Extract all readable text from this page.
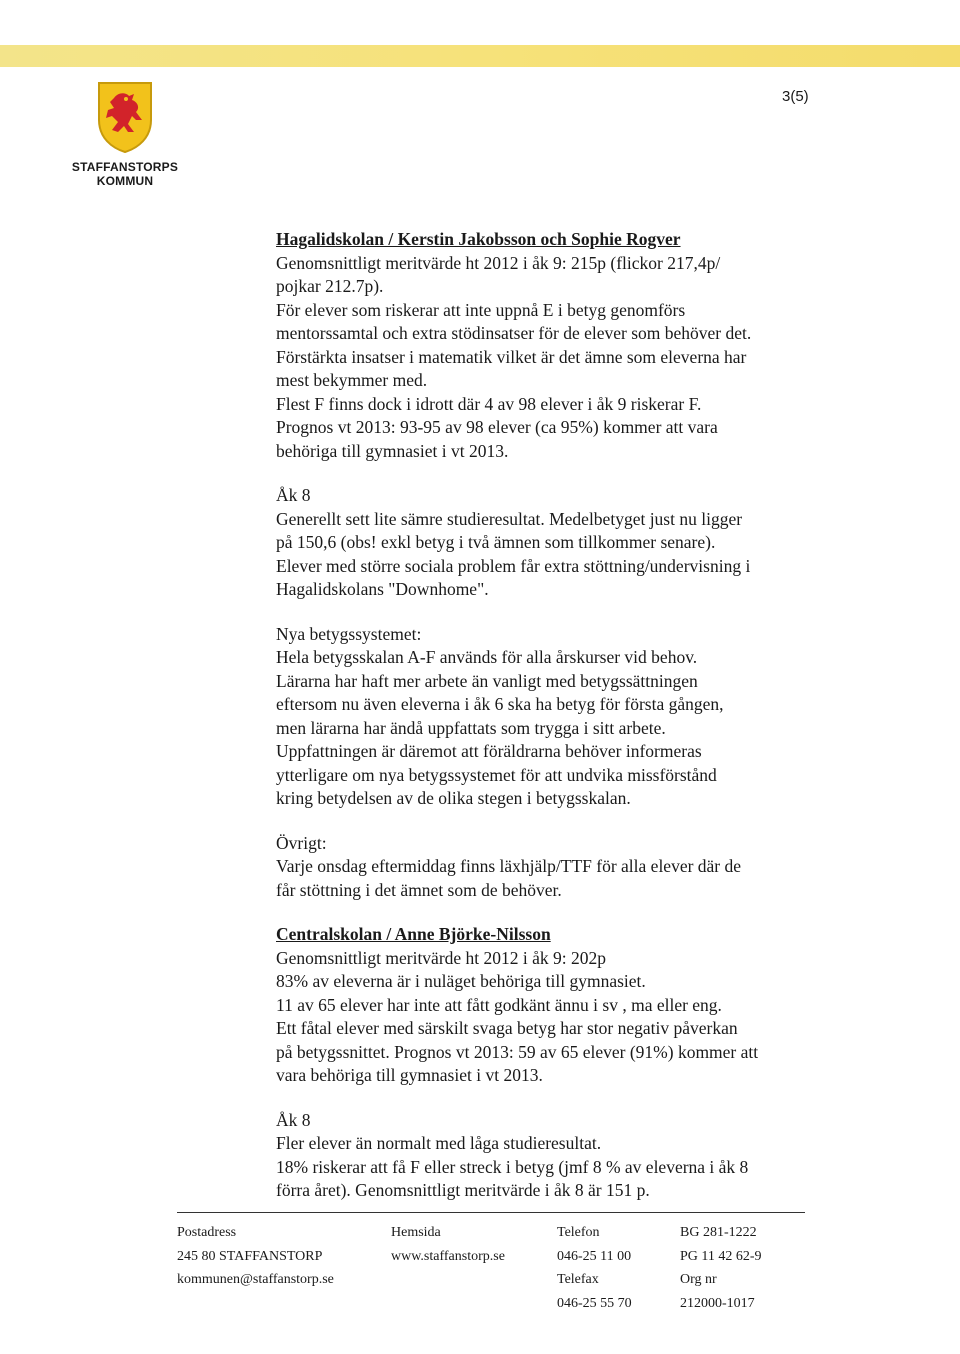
STAFFANSTORPS
KOMMUN
3(5)
Hagalidskolan / Kerstin Jakobsson och Sophie Rogver
Genomsnittligt meritvärde ht 2012 i åk 9: 215p (flickor 217,4p/
pojkar 212.7p).
För elever som riskerar att inte uppnå E i betyg genomförs
mentorssamtal och extra stödinsatser för de elever som behöver det.
Förstärkta insatser i matematik vilket är det ämne som eleverna har
mest bekymmer med.
Flest F finns dock i idrott där 4 av 98 elever i åk 9 riskerar F.
Prognos vt 2013: 93-95 av 98 elever (ca 95%) kommer att vara
behöriga till gymnasiet i vt 2013.
Åk 8
Generellt sett lite sämre studieresultat. Medelbetyget just nu ligger
på 150,6 (obs! exkl betyg i två ämnen som tillkommer senare).
Elever med större sociala problem får extra stöttning/undervisning i
Hagalidskolans "Downhome".
Nya betygssystemet:
Hela betygsskalan A-F används för alla årskurser vid behov.
Lärarna har haft mer arbete än vanligt med betygssättningen
eftersom nu även eleverna i åk 6 ska ha betyg för första gången,
men lärarna har ändå uppfattats som trygga i sitt arbete.
Uppfattningen är däremot att föräldrarna behöver informeras
ytterligare om nya betygssystemet för att undvika missförstånd
kring betydelsen av de olika stegen i betygsskalan.
Övrigt:
Varje onsdag eftermiddag finns läxhjälp/TTF för alla elever där de
får stöttning i det ämnet som de behöver.
Centralskolan / Anne Björke-Nilsson
Genomsnittligt meritvärde ht 2012 i åk 9: 202p
83% av eleverna är i nuläget behöriga till gymnasiet.
11 av 65 elever har inte att fått godkänt ännu i sv , ma eller eng.
Ett fåtal elever med särskilt svaga betyg har stor negativ påverkan
på betygssnittet. Prognos vt 2013: 59 av 65 elever (91%) kommer att
vara behöriga till gymnasiet i vt 2013.
Åk 8
Fler elever än normalt med låga studieresultat.
18% riskerar att få F eller streck i betyg (jmf 8 % av eleverna i åk 8
förra året). Genomsnittligt meritvärde i åk 8 är 151 p.
Postadress
245 80 STAFFANSTORP
kommunen@staffanstorp.se
Hemsida
www.staffanstorp.se
Telefon
046-25 11 00
Telefax
046-25 55 70
BG 281-1222
PG 11 42 62-9
Org nr
212000-1017
